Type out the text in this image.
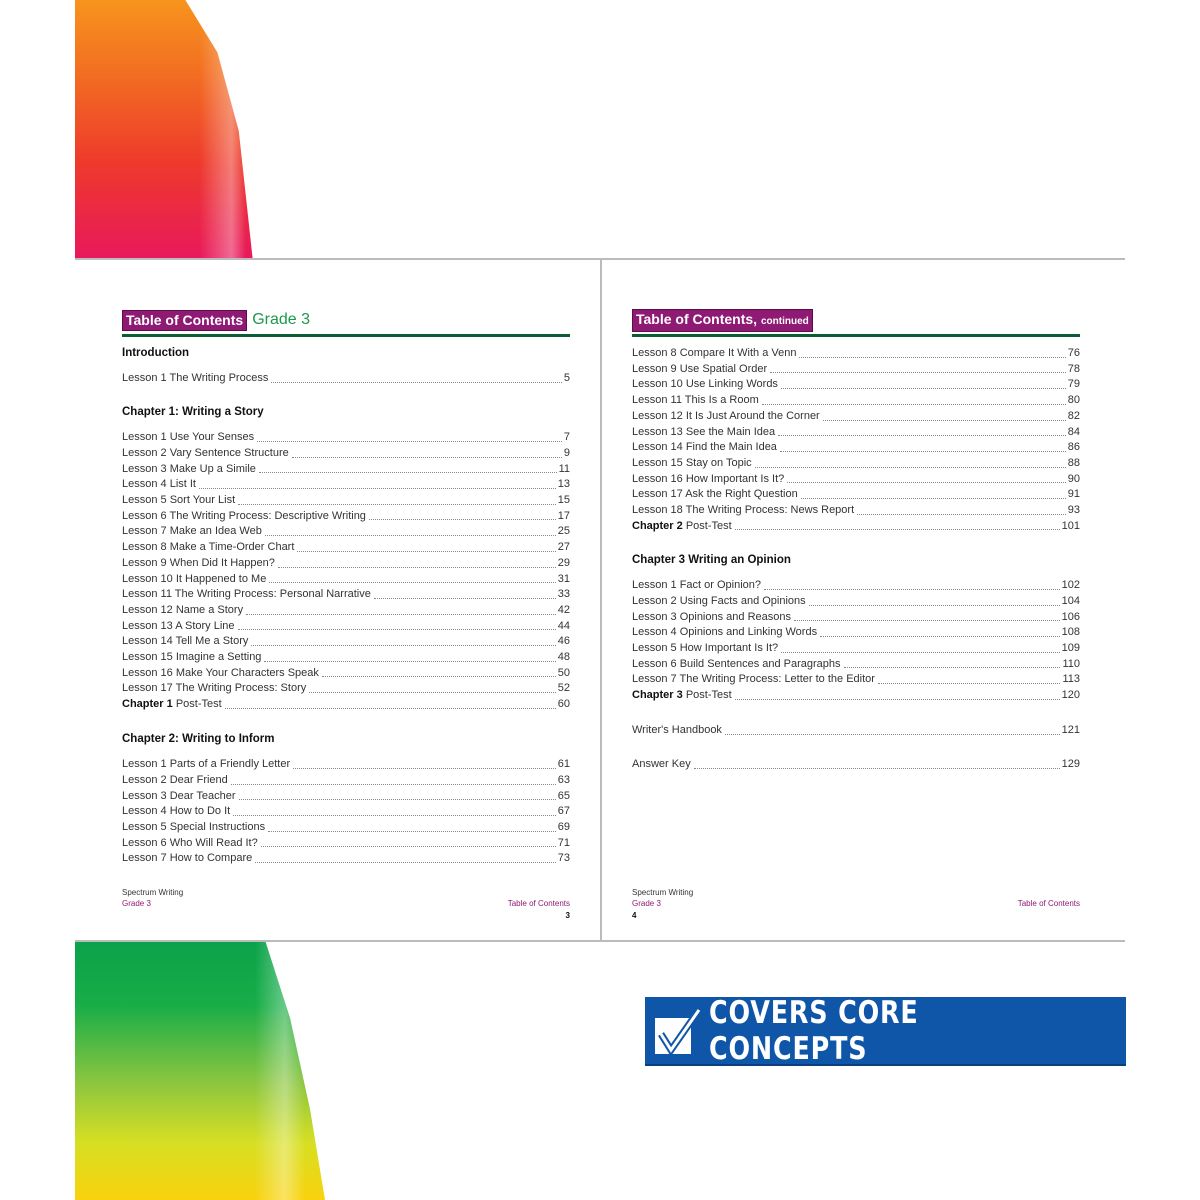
Table of Contents Grade 3
Introduction
Lesson 1 The Writing Process	5
Chapter 1: Writing a Story
Lesson 1 Use Your Senses	7
Lesson 2 Vary Sentence Structure	9
Lesson 3 Make Up a Simile	11
Lesson 4 List It	13
Lesson 5 Sort Your List	15
Lesson 6 The Writing Process: Descriptive Writing	17
Lesson 7 Make an Idea Web	25
Lesson 8 Make a Time-Order Chart	27
Lesson 9 When Did It Happen?	29
Lesson 10 It Happened to Me	31
Lesson 11 The Writing Process: Personal Narrative	33
Lesson 12 Name a Story	42
Lesson 13 A Story Line	44
Lesson 14 Tell Me a Story	46
Lesson 15 Imagine a Setting	48
Lesson 16 Make Your Characters Speak	50
Lesson 17 The Writing Process: Story	52
Chapter 1 Post-Test	60
Chapter 2: Writing to Inform
Lesson 1 Parts of a Friendly Letter	61
Lesson 2 Dear Friend	63
Lesson 3 Dear Teacher	65
Lesson 4 How to Do It	67
Lesson 5 Special Instructions	69
Lesson 6 Who Will Read It?	71
Lesson 7 How to Compare	73
Spectrum Writing
Grade 3	Table of Contents
3
Table of Contents, continued
Lesson 8 Compare It With a Venn	76
Lesson 9 Use Spatial Order	78
Lesson 10 Use Linking Words	79
Lesson 11 This Is a Room	80
Lesson 12 It Is Just Around the Corner	82
Lesson 13 See the Main Idea	84
Lesson 14 Find the Main Idea	86
Lesson 15 Stay on Topic	88
Lesson 16 How Important Is It?	90
Lesson 17 Ask the Right Question	91
Lesson 18 The Writing Process: News Report	93
Chapter 2 Post-Test	101
Chapter 3 Writing an Opinion
Lesson 1 Fact or Opinion?	102
Lesson 2 Using Facts and Opinions	104
Lesson 3 Opinions and Reasons	106
Lesson 4 Opinions and Linking Words	108
Lesson 5 How Important Is It?	109
Lesson 6 Build Sentences and Paragraphs	110
Lesson 7 The Writing Process: Letter to the Editor	113
Chapter 3 Post-Test	120
Writer's Handbook	121
Answer Key	129
Spectrum Writing
Grade 3	Table of Contents
4
COVERS CORE CONCEPTS
